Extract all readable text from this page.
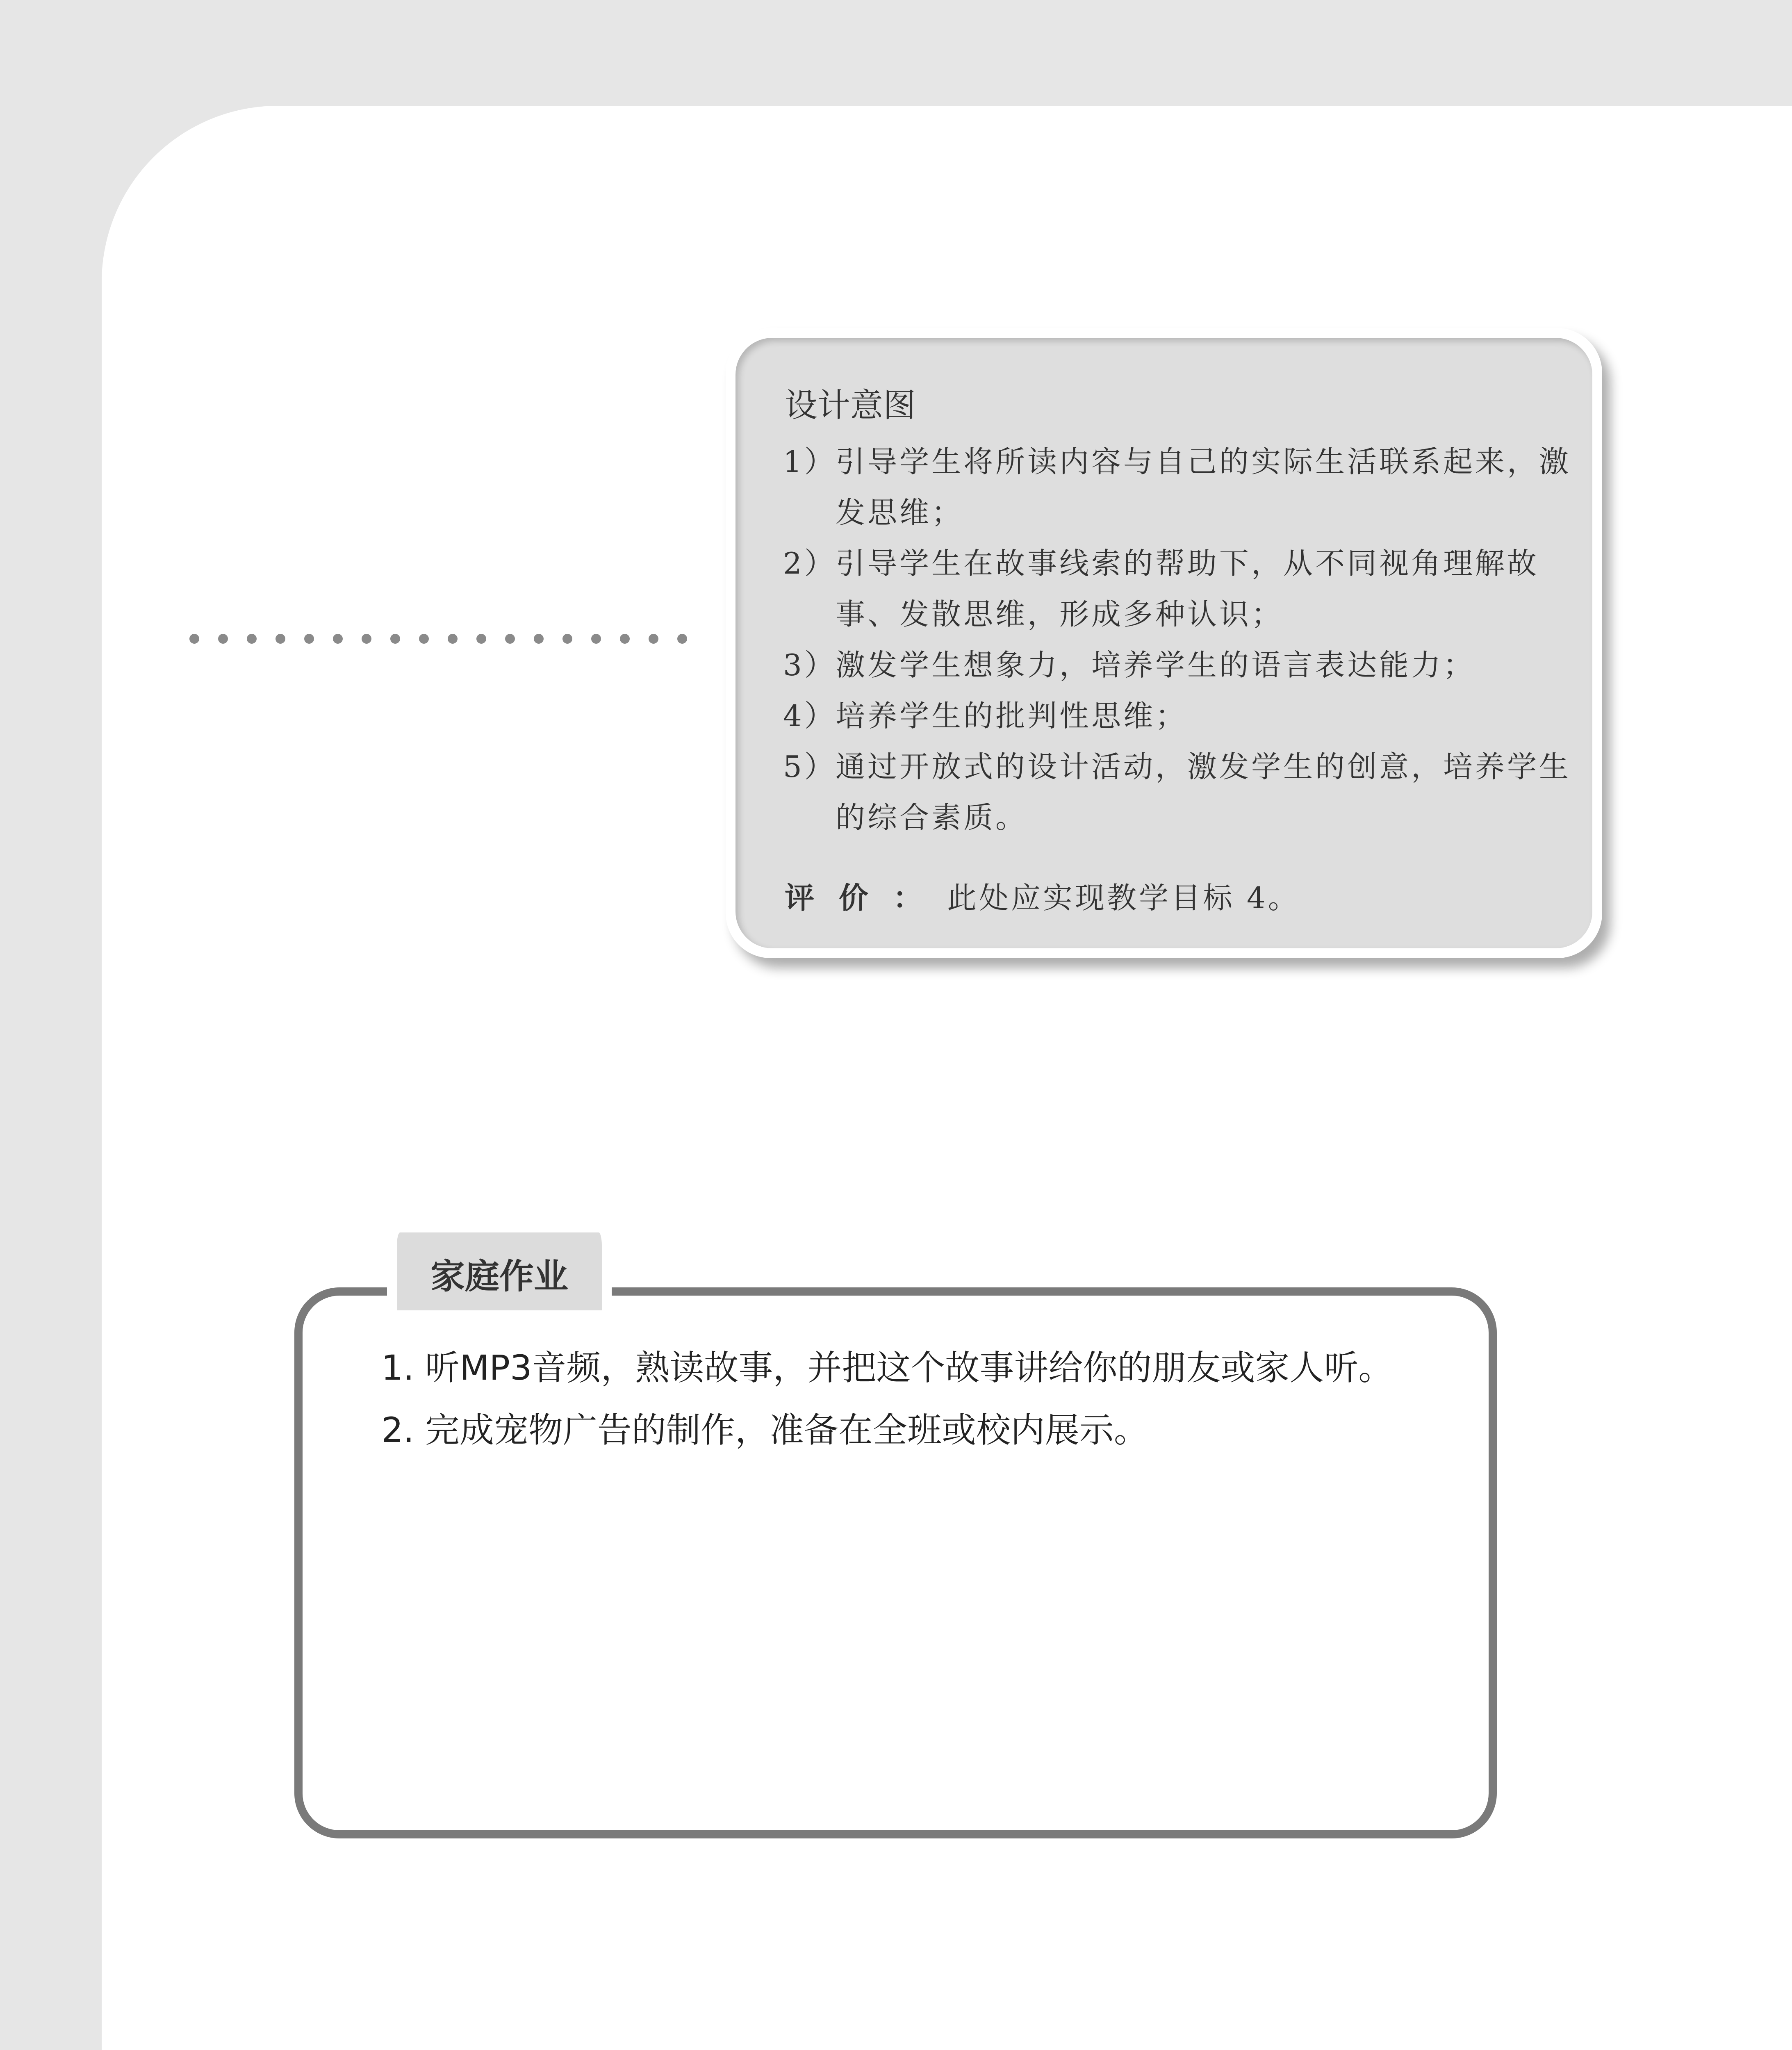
设计意图
1）
引导学生将所读内容与自己的实际生活联系起来，激发思维；
2）
引导学生在故事线索的帮助下，从不同视角理解故事、发散思维，形成多种认识；
3）
激发学生想象力，培养学生的语言表达能力；
4）
培养学生的批判性思维；
5）
通过开放式的设计活动，激发学生的创意，培养学生的综合素质。
评价：此处应实现教学目标 4。
家庭作业
1. 听MP3音频，熟读故事，并把这个故事讲给你的朋友或家人听。
2. 完成宠物广告的制作，准备在全班或校内展示。
